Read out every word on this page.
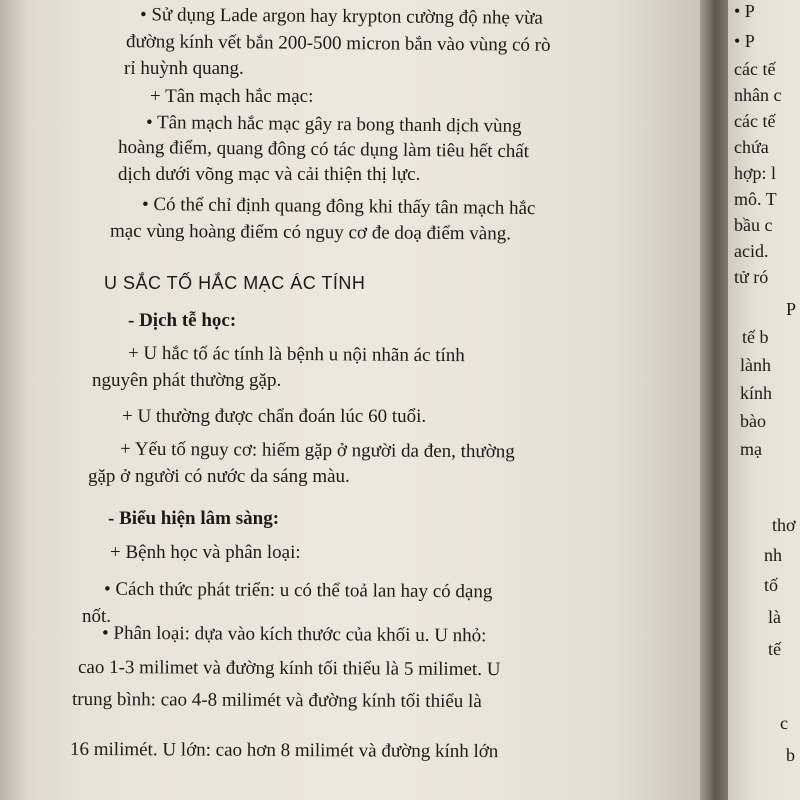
• Sử dụng Lade argon hay krypton cường độ nhẹ vừa
đường kính vết bắn 200-500 micron bắn vào vùng có rò
rỉ huỳnh quang.
+ Tân mạch hắc mạc:
• Tân mạch hắc mạc gây ra bong thanh dịch vùng
hoàng điểm, quang đông có tác dụng làm tiêu hết chất
dịch dưới võng mạc và cải thiện thị lực.
• Có thể chỉ định quang đông khi thấy tân mạch hắc
mạc vùng hoàng điểm có nguy cơ đe doạ điểm vàng.
U SẮC TỐ HẮC MẠC ÁC TÍNH
- Dịch tễ học:
+ U hắc tố ác tính là bệnh u nội nhãn ác tính
nguyên phát thường gặp.
+ U thường được chẩn đoán lúc 60 tuổi.
+ Yếu tố nguy cơ: hiếm gặp ở người da đen, thường
gặp ở người có nước da sáng màu.
- Biểu hiện lâm sàng:
+ Bệnh học và phân loại:
• Cách thức phát triển: u có thể toả lan hay có dạng
nốt.
• Phân loại: dựa vào kích thước của khối u. U nhỏ:
cao 1-3 milimet và đường kính tối thiểu là 5 milimet. U
trung bình: cao 4-8 milimét và đường kính tối thiểu là
16 milimét. U lớn: cao hơn 8 milimét và đường kính lớn
• P
• P
các tế
nhân c
các tế
chứa
hợp: l
mô. T
bầu c
acid.
tử ró
P
tế b
lành
kính
bào
mạ
thơ
nh
tố
là
tế
c
b
